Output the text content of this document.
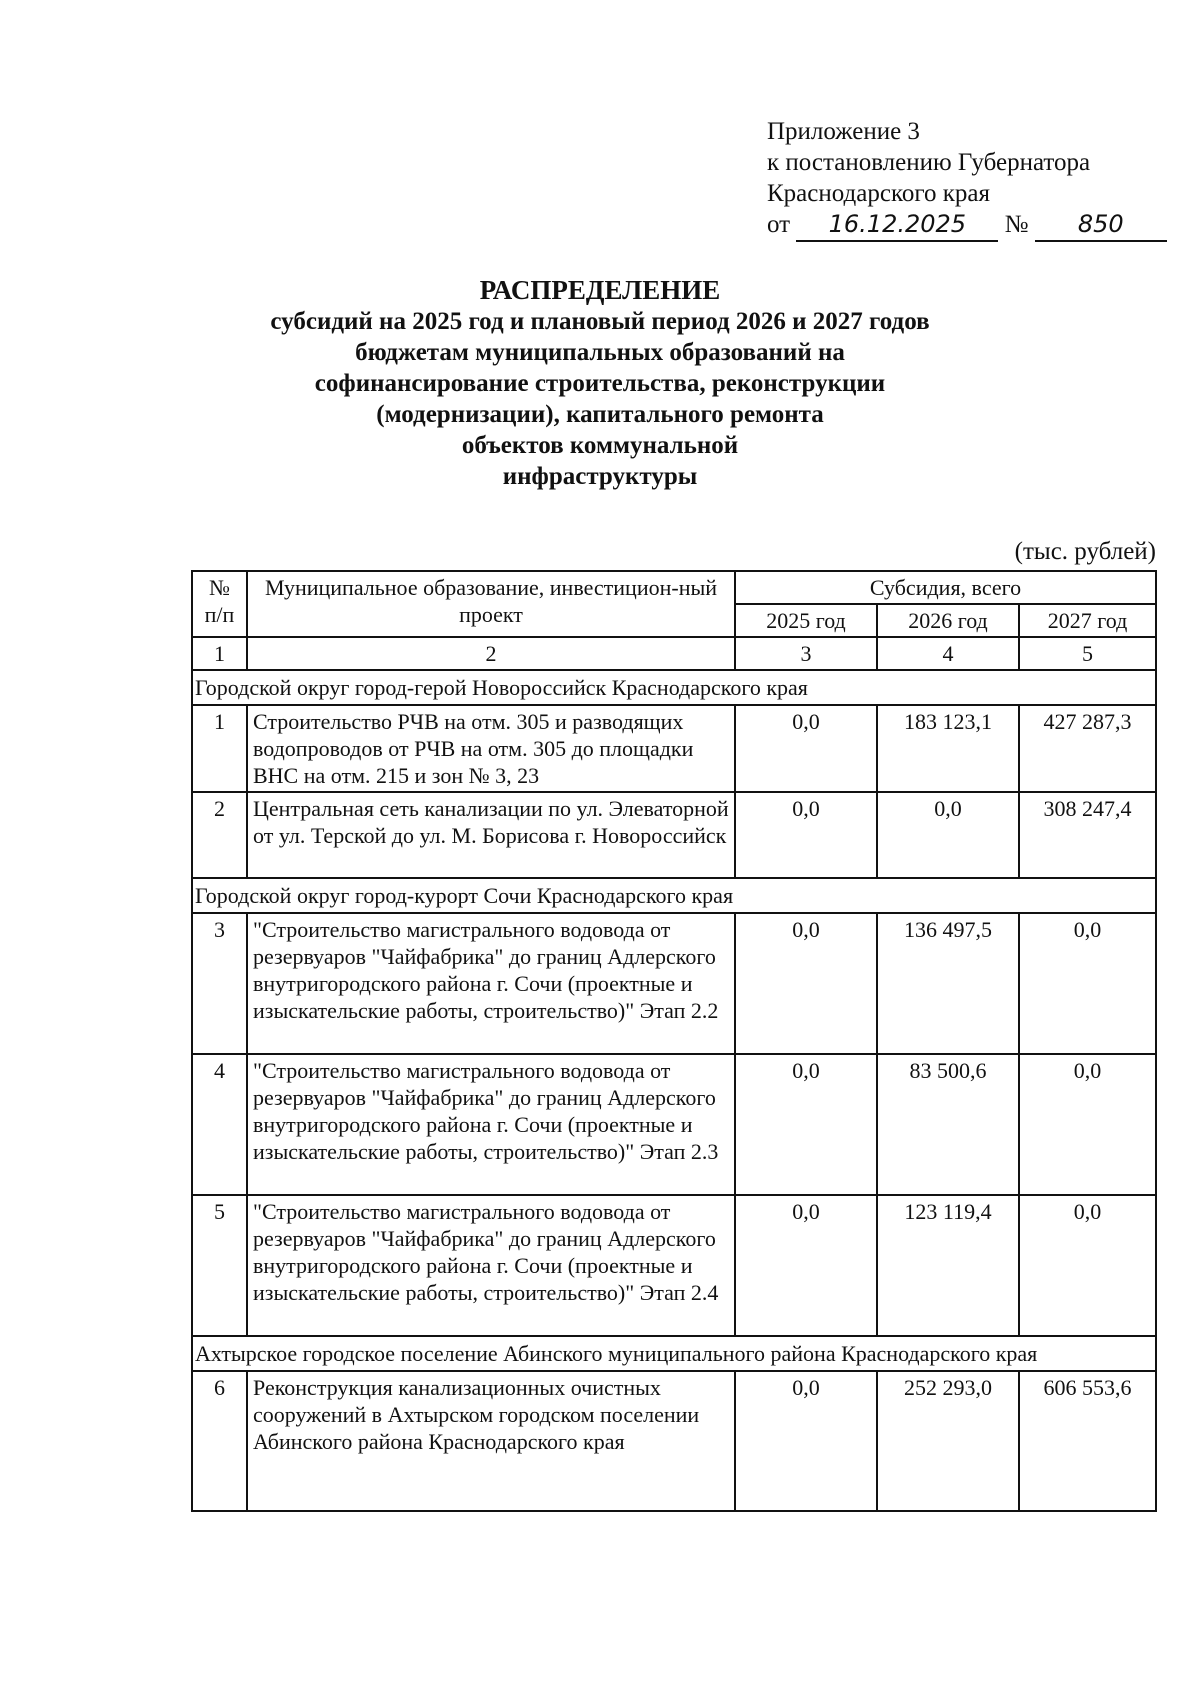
Приложение 3
к постановлению Губернатора
Краснодарского края
от 16.12.2025 № 850
РАСПРЕДЕЛЕНИЕ
субсидий на 2025 год и плановый период 2026 и 2027 годов
бюджетам муниципальных образований на
софинансирование строительства, реконструкции
(модернизации), капитального ремонта
объектов коммунальной
инфраструктуры
(тыс. рублей)
№ п/п	Муниципальное образование, инвестицион-ный проект	Субсидия, всего		
		2025 год	2026 год	2027 год
1	2	3	4	5
Городской округ город-герой Новороссийск Краснодарского края				
1	Строительство РЧВ на отм. 305 и разводящих водопроводов от РЧВ на отм. 305 до площадки ВНС на отм. 215 и зон № 3, 23	0,0	183 123,1	427 287,3
2	Центральная сеть канализации по ул. Элеваторной от ул. Терской до ул. М. Борисова г. Новороссийск	0,0	0,0	308 247,4
Городской округ город-курорт Сочи Краснодарского края				
3	"Строительство магистрального водовода от резервуаров "Чайфабрика" до границ Адлерского внутригородского района г. Сочи (проектные и изыскательские работы, строительство)" Этап 2.2	0,0	136 497,5	0,0
4	"Строительство магистрального водовода от резервуаров "Чайфабрика" до границ Адлерского внутригородского района г. Сочи (проектные и изыскательские работы, строительство)" Этап 2.3	0,0	83 500,6	0,0
5	"Строительство магистрального водовода от резервуаров "Чайфабрика" до границ Адлерского внутригородского района г. Сочи (проектные и изыскательские работы, строительство)" Этап 2.4	0,0	123 119,4	0,0
Ахтырское городское поселение Абинского муниципального района Краснодарского края				
6	Реконструкция канализационных очистных сооружений в Ахтырском городском поселении Абинского района Краснодарского края	0,0	252 293,0	606 553,6
